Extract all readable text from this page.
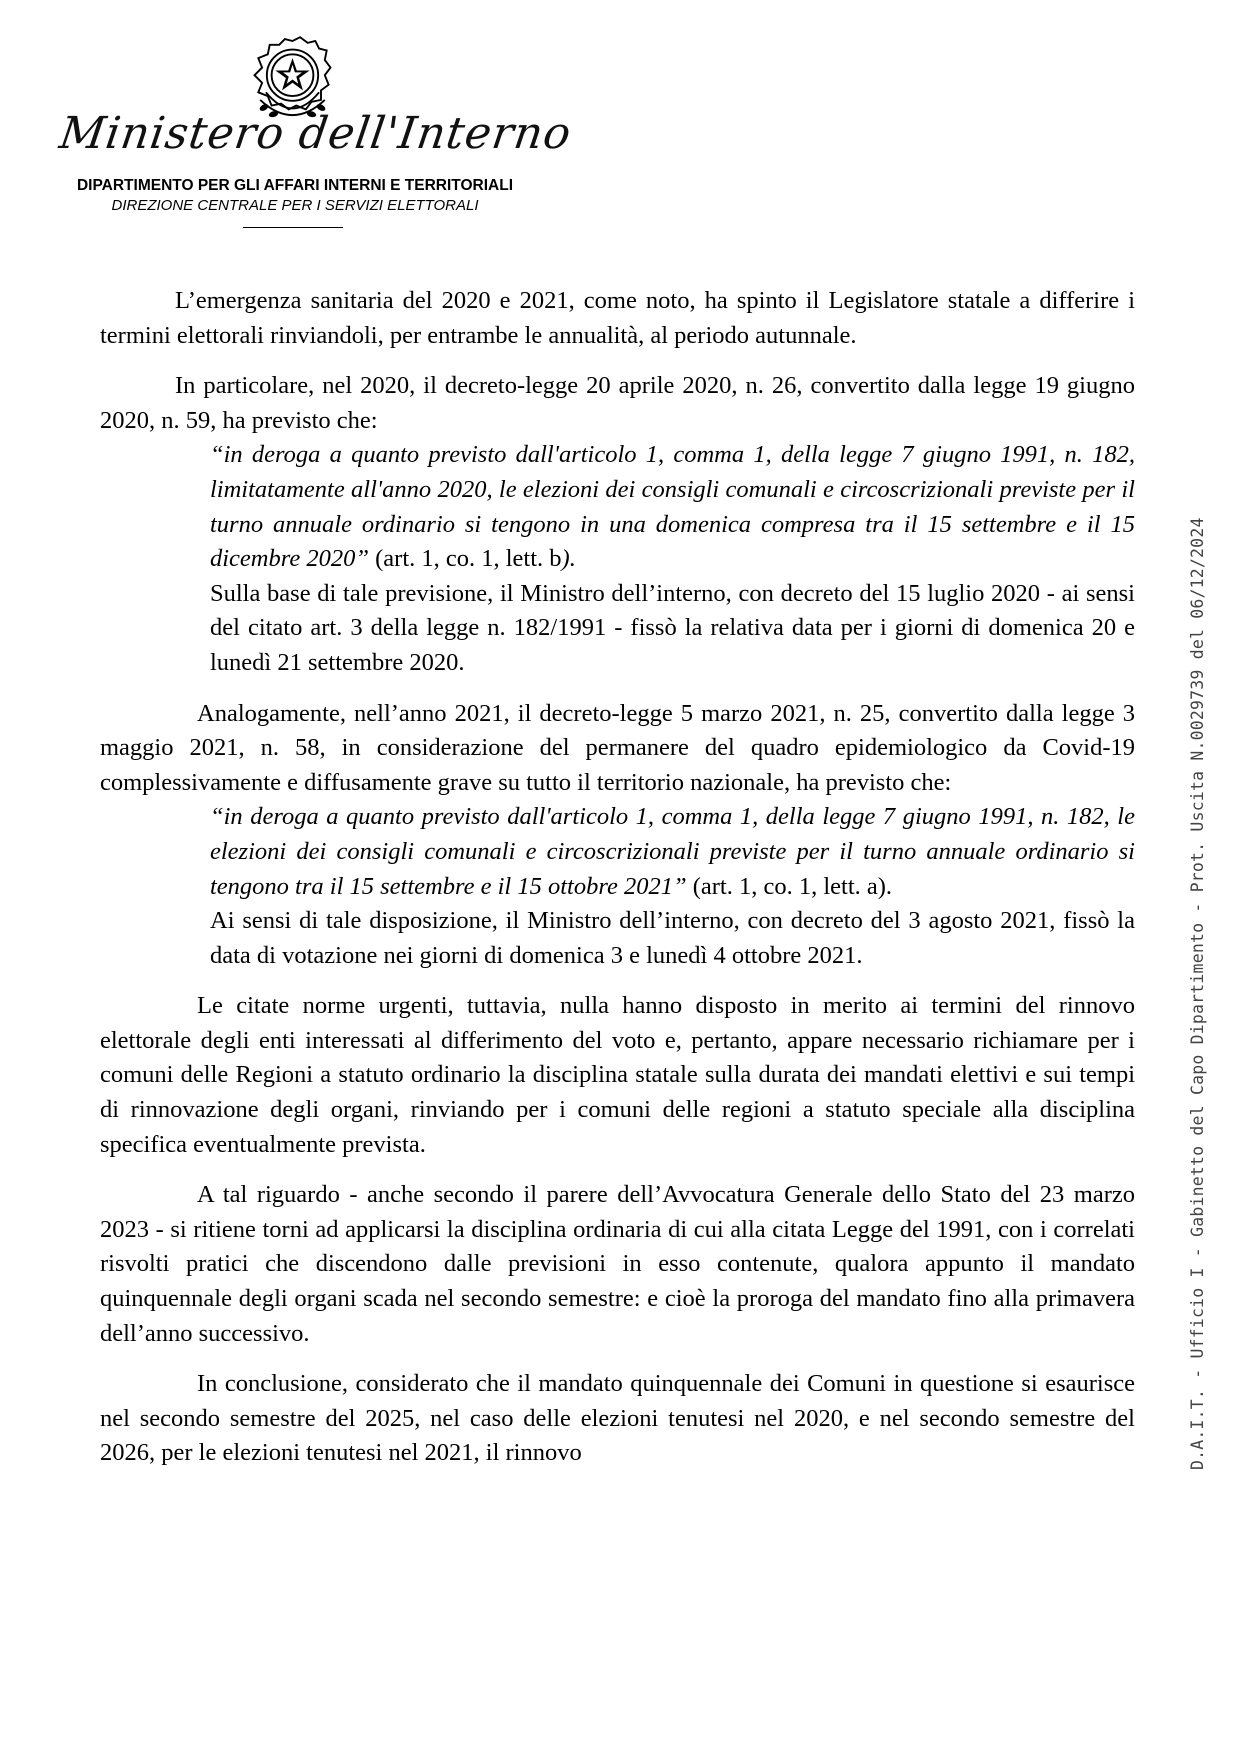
Ministero dell'Interno
DIPARTIMENTO PER GLI AFFARI INTERNI E TERRITORIALI
DIREZIONE CENTRALE PER I SERVIZI ELETTORALI

L’emergenza sanitaria del 2020 e 2021, come noto, ha spinto il Legislatore statale a differire i termini elettorali rinviandoli, per entrambe le annualità, al periodo autunnale.

In particolare, nel 2020, il decreto-legge 20 aprile 2020, n. 26, convertito dalla legge 19 giugno 2020, n. 59, ha previsto che:

“in deroga a quanto previsto dall'articolo 1, comma 1, della legge 7 giugno 1991, n. 182, limitatamente all'anno 2020, le elezioni dei consigli comunali e circoscrizionali previste per il turno annuale ordinario si tengono in una domenica compresa tra il 15 settembre e il 15 dicembre 2020” (art. 1, co. 1, lett. b).
Sulla base di tale previsione, il Ministro dell’interno, con decreto del 15 luglio 2020 - ai sensi del citato art. 3 della legge n. 182/1991 - fissò la relativa data per i giorni di domenica 20 e lunedì 21 settembre 2020.

Analogamente, nell’anno 2021, il decreto-legge 5 marzo 2021, n. 25, convertito dalla legge 3 maggio 2021, n. 58, in considerazione del permanere del quadro epidemiologico da Covid-19 complessivamente e diffusamente grave su tutto il territorio nazionale, ha previsto che:

“in deroga a quanto previsto dall'articolo 1, comma 1, della legge 7 giugno 1991, n. 182, le elezioni dei consigli comunali e circoscrizionali previste per il turno annuale ordinario si tengono tra il 15 settembre e il 15 ottobre 2021” (art. 1, co. 1, lett. a).
Ai sensi di tale disposizione, il Ministro dell’interno, con decreto del 3 agosto 2021, fissò la data di votazione nei giorni di domenica 3 e lunedì 4 ottobre 2021.

Le citate norme urgenti, tuttavia, nulla hanno disposto in merito ai termini del rinnovo elettorale degli enti interessati al differimento del voto e, pertanto, appare necessario richiamare per i comuni delle Regioni a statuto ordinario la disciplina statale sulla durata dei mandati elettivi e sui tempi di rinnovazione degli organi, rinviando per i comuni delle regioni a statuto speciale alla disciplina specifica eventualmente prevista.

A tal riguardo - anche secondo il parere dell’Avvocatura Generale dello Stato del 23 marzo 2023 - si ritiene torni ad applicarsi la disciplina ordinaria di cui alla citata Legge del 1991, con i correlati risvolti pratici che discendono dalle previsioni in esso contenute, qualora appunto il mandato quinquennale degli organi scada nel secondo semestre: e cioè la proroga del mandato fino alla primavera dell’anno successivo.

In conclusione, considerato che il mandato quinquennale dei Comuni in questione si esaurisce nel secondo semestre del 2025, nel caso delle elezioni tenutesi nel 2020, e nel secondo semestre del 2026, per le elezioni tenutesi nel 2021, il rinnovo	D.A.I.T. - Ufficio I - Gabinetto del Capo Dipartimento - Prot. Uscita N.0029739 del 06/12/2024
